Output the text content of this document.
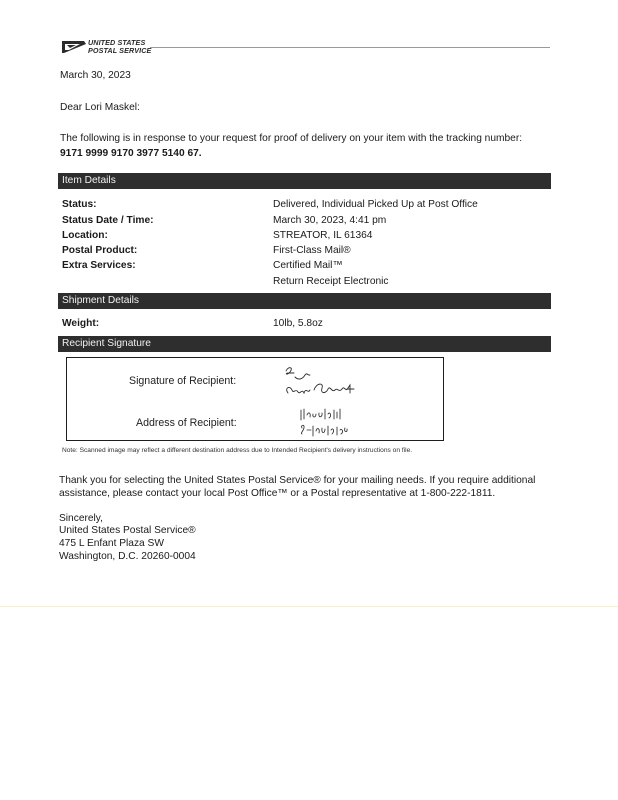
UNITED STATES
POSTAL SERVICE
March 30, 2023
Dear Lori Maskel:
The following is in response to your request for proof of delivery on your item with the tracking number:
9171 9999 9170 3977 5140 67.
Item Details
Status:	Delivered, Individual Picked Up at Post Office
Status Date / Time:	March 30, 2023, 4:41 pm
Location:	STREATOR, IL 61364
Postal Product:	First-Class Mail®
Extra Services:	Certified Mail™
Return Receipt Electronic
Shipment Details
Weight:	10lb, 5.8oz
Recipient Signature
Signature of Recipient:
Address of Recipient:
Note: Scanned image may reflect a different destination address due to Intended Recipient's delivery instructions on file.
Thank you for selecting the United States Postal Service® for your mailing needs. If you require additional assistance, please contact your local Post Office™ or a Postal representative at 1-800-222-1811.
Sincerely,
United States Postal Service®
475 L Enfant Plaza SW
Washington, D.C. 20260-0004
